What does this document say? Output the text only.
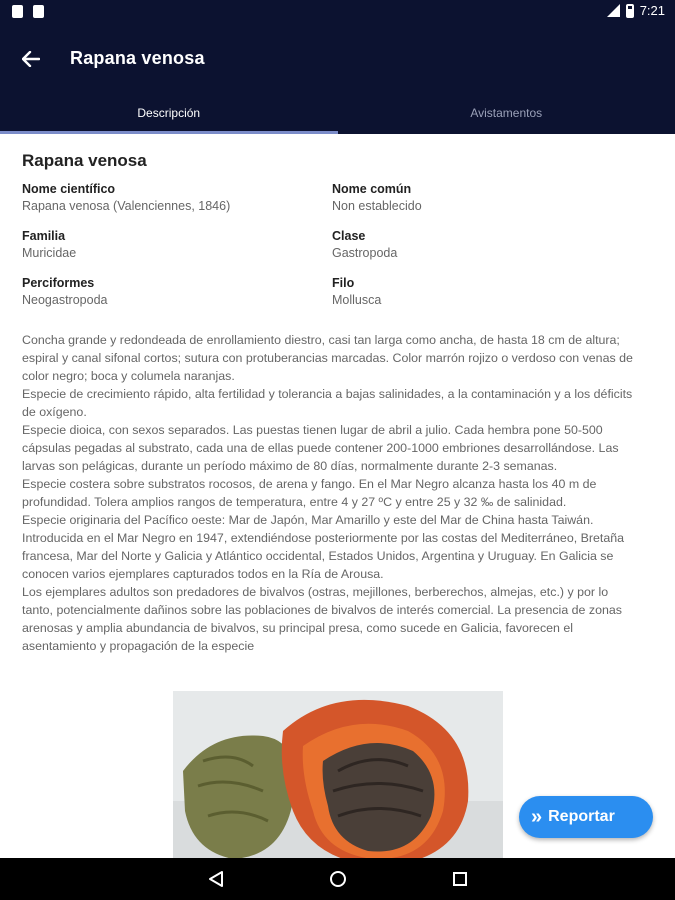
7:21
Rapana venosa
Descripción	Avistamentos
Rapana venosa
Nome científico
Rapana venosa (Valenciennes, 1846)
Nome común
Non establecido
Familia
Muricidae
Clase
Gastropoda
Perciformes
Neogastropoda
Filo
Mollusca

Concha grande y redondeada de enrollamiento diestro, casi tan larga como ancha, de hasta 18 cm de altura; espiral y canal sifonal cortos; sutura con protuberancias marcadas. Color marrón rojizo o verdoso con venas de color negro; boca y columela naranjas.

Especie de crecimiento rápido, alta fertilidad y tolerancia a bajas salinidades, a la contaminación y a los déficits de oxígeno.

Especie dioica, con sexos separados. Las puestas tienen lugar de abril a julio. Cada hembra pone 50-500 cápsulas pegadas al substrato, cada una de ellas puede contener 200-1000 embriones desarrollándose. Las larvas son pelágicas, durante un período máximo de 80 días, normalmente durante 2-3 semanas.

Especie costera sobre substratos rocosos, de arena y fango. En el Mar Negro alcanza hasta los 40 m de profundidad. Tolera amplios rangos de temperatura, entre 4 y 27 ºC y entre 25 y 32 ‰ de salinidad.

Especie originaria del Pacífico oeste: Mar de Japón, Mar Amarillo y este del Mar de China hasta Taiwán. Introducida en el Mar Negro en 1947, extendiéndose posteriormente por las costas del Mediterráneo, Bretaña francesa, Mar del Norte y Galicia y Atlántico occidental, Estados Unidos, Argentina y Uruguay. En Galicia se conocen varios ejemplares capturados todos en la Ría de Arousa.

Los ejemplares adultos son predadores de bivalvos (ostras, mejillones, berberechos, almejas, etc.) y por lo tanto, potencialmente dañinos sobre las poblaciones de bivalvos de interés comercial. La presencia de zonas arenosas y amplia abundancia de bivalvos, su principal presa, como sucede en Galicia, favorecen el asentamiento y propagación de la especie

» Reportar
